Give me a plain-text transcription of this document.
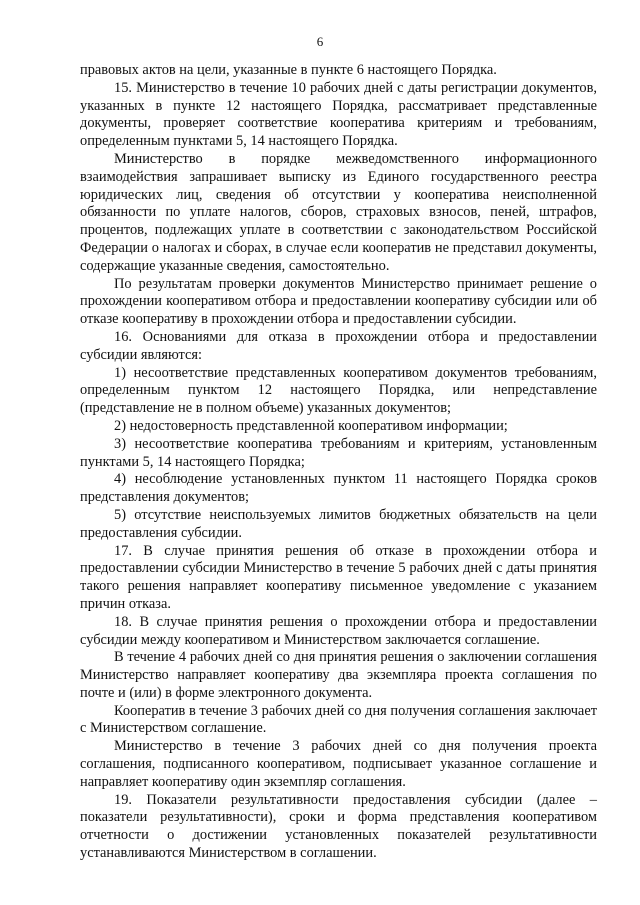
6

правовых актов на цели, указанные в пункте 6 настоящего Порядка.

15. Министерство в течение 10 рабочих дней с даты регистрации документов, указанных в пункте 12 настоящего Порядка, рассматривает представленные документы, проверяет соответствие кооператива критериям и требованиям, определенным пунктами 5, 14 настоящего Порядка.

Министерство в порядке межведомственного информационного взаимодействия запрашивает выписку из Единого государственного реестра юридических лиц, сведения об отсутствии у кооператива неисполненной обязанности по уплате налогов, сборов, страховых взносов, пеней, штрафов, процентов, подлежащих уплате в соответствии с законодательством Российской Федерации о налогах и сборах, в случае если кооператив не представил документы, содержащие указанные сведения, самостоятельно.

По результатам проверки документов Министерство принимает решение о прохождении кооперативом отбора и предоставлении кооперативу субсидии или об отказе кооперативу в прохождении отбора и предоставлении субсидии.

16. Основаниями для отказа в прохождении отбора и предоставлении субсидии являются:

1) несоответствие представленных кооперативом документов требованиям, определенным пунктом 12 настоящего Порядка, или непредставление (представление не в полном объеме) указанных документов;

2) недостоверность представленной кооперативом информации;

3) несоответствие кооператива требованиям и критериям, установленным пунктами 5, 14 настоящего Порядка;

4) несоблюдение установленных пунктом 11 настоящего Порядка сроков представления документов;

5) отсутствие неиспользуемых лимитов бюджетных обязательств на цели предоставления субсидии.

17. В случае принятия решения об отказе в прохождении отбора и предоставлении субсидии Министерство в течение 5 рабочих дней с даты принятия такого решения направляет кооперативу письменное уведомление с указанием причин отказа.

18. В случае принятия решения о прохождении отбора и предоставлении субсидии между кооперативом и Министерством заключается соглашение.

В течение 4 рабочих дней со дня принятия решения о заключении соглашения Министерство направляет кооперативу два экземпляра проекта соглашения по почте и (или) в форме электронного документа.

Кооператив в течение 3 рабочих дней со дня получения соглашения заключает с Министерством соглашение.

Министерство в течение 3 рабочих дней со дня получения проекта соглашения, подписанного кооперативом, подписывает указанное соглашение и направляет кооперативу один экземпляр соглашения.

19. Показатели результативности предоставления субсидии (далее – показатели результативности), сроки и форма представления кооперативом отчетности о достижении установленных показателей результативности устанавливаются Министерством в соглашении.
